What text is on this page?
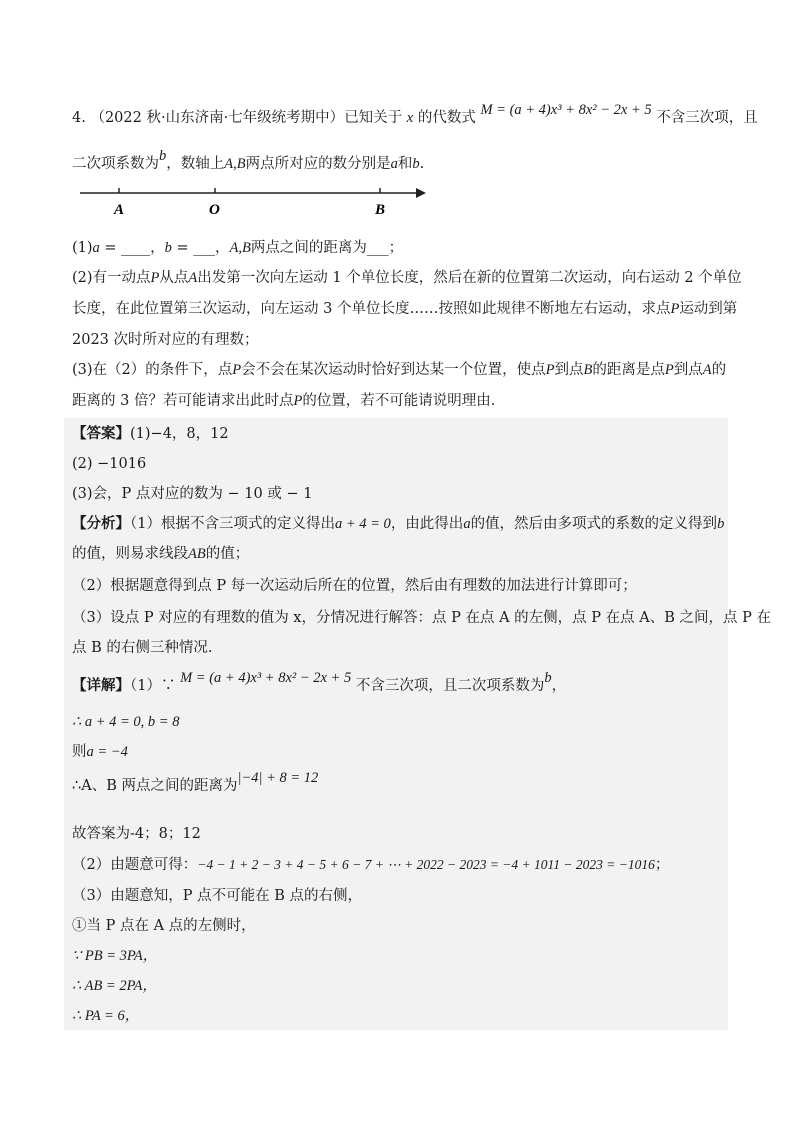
4. （2022 秋·山东济南·七年级统考期中）已知关于 x 的代数式 M = (a + 4)x³ + 8x² − 2x + 5 不含三次项，且
二次项系数为b，数轴上A,B两点所对应的数分别是a和b.
A	O	B
(1)a = ____，b = ___，A,B两点之间的距离为___；
(2)有一动点P从点A出发第一次向左运动 1 个单位长度，然后在新的位置第二次运动，向右运动 2 个单位
长度，在此位置第三次运动，向左运动 3 个单位长度……按照如此规律不断地左右运动，求点P运动到第
2023 次时所对应的有理数；
(3)在（2）的条件下，点P会不会在某次运动时恰好到达某一个位置，使点P到点B的距离是点P到点A的
距离的 3 倍？若可能请求出此时点P的位置，若不可能请说明理由.
【答案】(1)−4，8，12
(2) −1016
(3)会，P 点对应的数为 − 10 或 − 1
【分析】（1）根据不含三项式的定义得出a + 4 = 0，由此得出a的值，然后由多项式的系数的定义得到b
的值，则易求线段AB的值；
（2）根据题意得到点 P 每一次运动后所在的位置，然后由有理数的加法进行计算即可；
（3）设点 P 对应的有理数的值为 x，分情况进行解答：点 P 在点 A 的左侧，点 P 在点 A、B 之间，点 P 在
点 B 的右侧三种情况.
【详解】（1）∵ M = (a + 4)x³ + 8x² − 2x + 5 不含三次项，且二次项系数为b，
∴ a + 4 = 0, b = 8
则a = −4
∴A、B 两点之间的距离为|−4| + 8 = 12
故答案为-4；8；12
（2）由题意可得：−4 − 1 + 2 − 3 + 4 − 5 + 6 − 7 + ⋯ + 2022 − 2023 = −4 + 1011 − 2023 = −1016；
（3）由题意知，P 点不可能在 B 点的右侧，
①当 P 点在 A 点的左侧时，
∵ PB = 3PA，
∴ AB = 2PA，
∴ PA = 6，
